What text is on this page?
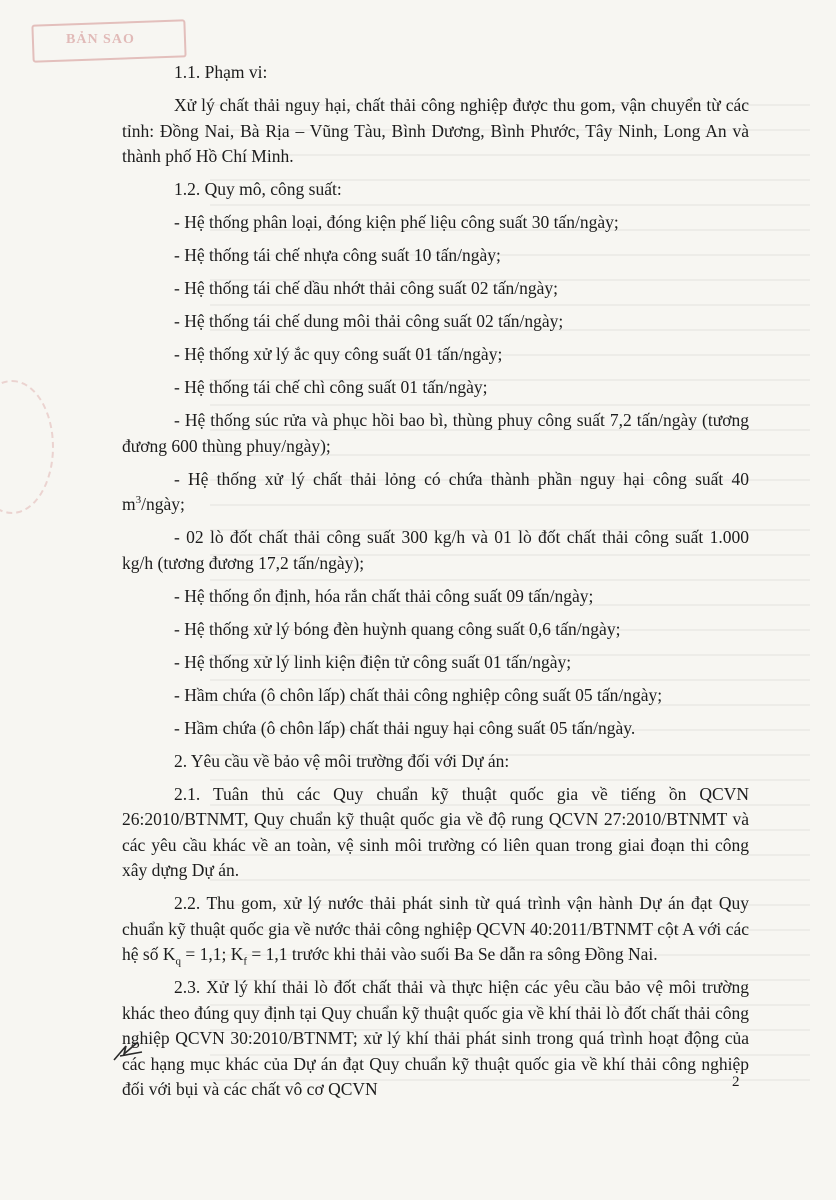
BẢN SAO

1.1. Phạm vi:

Xử lý chất thải nguy hại, chất thải công nghiệp được thu gom, vận chuyển từ các tỉnh: Đồng Nai, Bà Rịa – Vũng Tàu, Bình Dương, Bình Phước, Tây Ninh, Long An và thành phố Hồ Chí Minh.

1.2. Quy mô, công suất:

- Hệ thống phân loại, đóng kiện phế liệu công suất 30 tấn/ngày;

- Hệ thống tái chế nhựa công suất 10 tấn/ngày;

- Hệ thống tái chế dầu nhớt thải công suất 02 tấn/ngày;

- Hệ thống tái chế dung môi thải công suất 02 tấn/ngày;

- Hệ thống xử lý ắc quy công suất 01 tấn/ngày;

- Hệ thống tái chế chì công suất 01 tấn/ngày;

- Hệ thống súc rửa và phục hồi bao bì, thùng phuy công suất 7,2 tấn/ngày (tương đương 600 thùng phuy/ngày);

- Hệ thống xử lý chất thải lỏng có chứa thành phần nguy hại công suất 40 $m^3$/ngày;

- 02 lò đốt chất thải công suất 300 kg/h và 01 lò đốt chất thải công suất 1.000 kg/h (tương đương 17,2 tấn/ngày);

- Hệ thống ổn định, hóa rắn chất thải công suất 09 tấn/ngày;

- Hệ thống xử lý bóng đèn huỳnh quang công suất 0,6 tấn/ngày;

- Hệ thống xử lý linh kiện điện tử công suất 01 tấn/ngày;

- Hầm chứa (ô chôn lấp) chất thải công nghiệp công suất 05 tấn/ngày;

- Hầm chứa (ô chôn lấp) chất thải nguy hại công suất 05 tấn/ngày.

2. Yêu cầu về bảo vệ môi trường đối với Dự án:

2.1. Tuân thủ các Quy chuẩn kỹ thuật quốc gia về tiếng ồn QCVN 26:2010/BTNMT, Quy chuẩn kỹ thuật quốc gia về độ rung QCVN 27:2010/BTNMT và các yêu cầu khác về an toàn, vệ sinh môi trường có liên quan trong giai đoạn thi công xây dựng Dự án.

2.2. Thu gom, xử lý nước thải phát sinh từ quá trình vận hành Dự án đạt Quy chuẩn kỹ thuật quốc gia về nước thải công nghiệp QCVN 40:2011/BTNMT cột A với các hệ số $K_q = 1,1$; $K_f = 1,1$ trước khi thải vào suối Ba Se dẫn ra sông Đồng Nai.

2.3. Xử lý khí thải lò đốt chất thải và thực hiện các yêu cầu bảo vệ môi trường khác theo đúng quy định tại Quy chuẩn kỹ thuật quốc gia về khí thải lò đốt chất thải công nghiệp QCVN 30:2010/BTNMT; xử lý khí thải phát sinh trong quá trình hoạt động của các hạng mục khác của Dự án đạt Quy chuẩn kỹ thuật quốc gia về khí thải công nghiệp đối với bụi và các chất vô cơ QCVN	2
